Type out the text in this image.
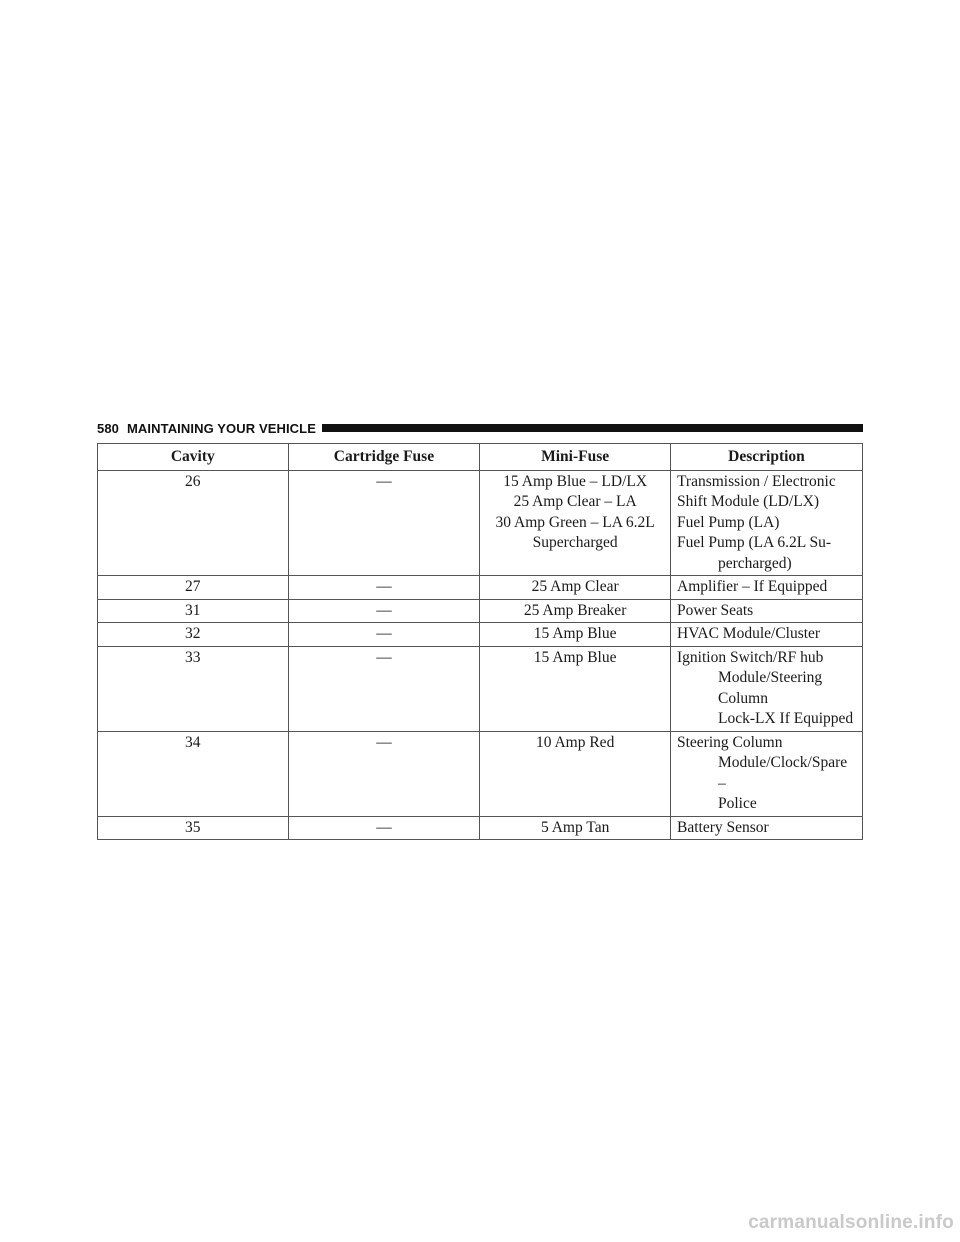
580 MAINTAINING YOUR VEHICLE
Cavity	Cartridge Fuse	Mini-Fuse	Description
26	—	15 Amp Blue – LD/LX
25 Amp Clear – LA
30 Amp Green – LA 6.2L
Supercharged	Transmission / Electronic
Shift Module (LD/LX)
Fuel Pump (LA)
Fuel Pump (LA 6.2L Su-
percharged)

27	—	25 Amp Clear	Amplifier – If Equipped

31	—	25 Amp Breaker	Power Seats

32	—	15 Amp Blue	HVAC Module/Cluster

33	—	15 Amp Blue	Ignition Switch/RF hub
Module/Steering Column
Lock-LX If Equipped

34	—	10 Amp Red	Steering Column
Module/Clock/Spare –
Police

35	—	5 Amp Tan	Battery Sensor
carmanualsonline.info
